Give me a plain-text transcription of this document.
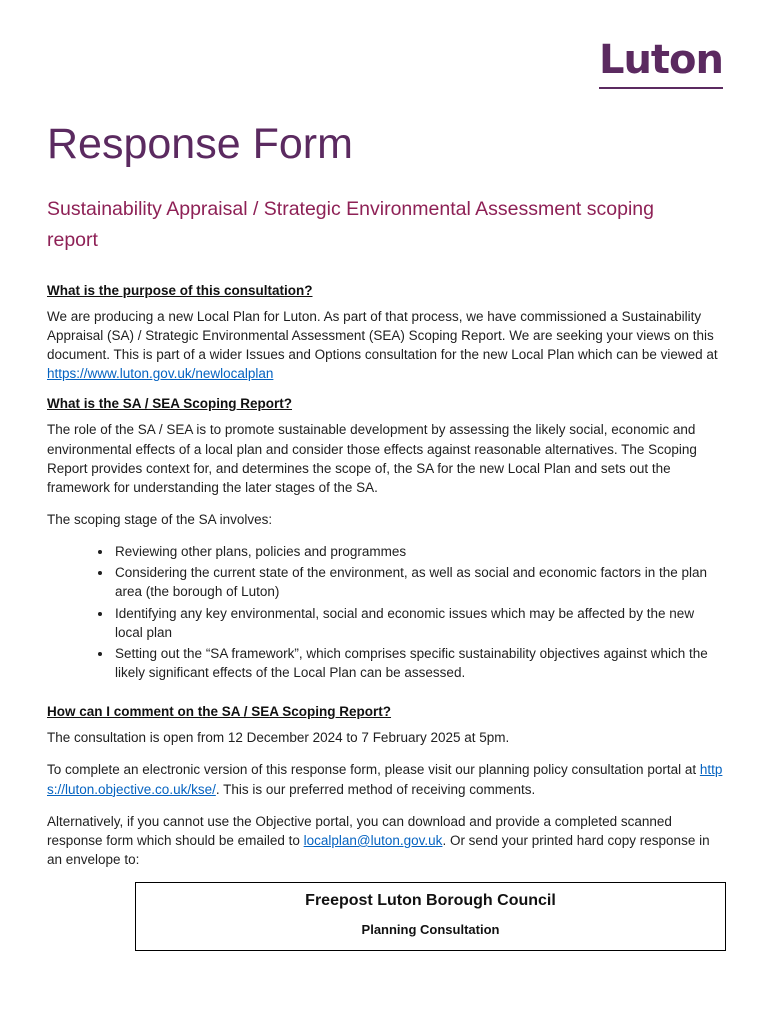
Luton
Response Form
Sustainability Appraisal / Strategic Environmental Assessment scoping report
What is the purpose of this consultation?

We are producing a new Local Plan for Luton. As part of that process, we have commissioned a Sustainability Appraisal (SA) / Strategic Environmental Assessment (SEA) Scoping Report. We are seeking your views on this document. This is part of a wider Issues and Options consultation for the new Local Plan which can be viewed at https://www.luton.gov.uk/newlocalplan

What is the SA / SEA Scoping Report?

The role of the SA / SEA is to promote sustainable development by assessing the likely social, economic and environmental effects of a local plan and consider those effects against reasonable alternatives. The Scoping Report provides context for, and determines the scope of, the SA for the new Local Plan and sets out the framework for understanding the later stages of the SA.

The scoping stage of the SA involves:

• Reviewing other plans, policies and programmes
• Considering the current state of the environment, as well as social and economic factors in the plan area (the borough of Luton)
• Identifying any key environmental, social and economic issues which may be affected by the new local plan
• Setting out the “SA framework”, which comprises specific sustainability objectives against which the likely significant effects of the Local Plan can be assessed.
How can I comment on the SA / SEA Scoping Report?

The consultation is open from 12 December 2024 to 7 February 2025 at 5pm.

To complete an electronic version of this response form, please visit our planning policy consultation portal at https://luton.objective.co.uk/kse/. This is our preferred method of receiving comments.

Alternatively, if you cannot use the Objective portal, you can download and provide a completed scanned response form which should be emailed to localplan@luton.gov.uk. Or send your printed hard copy response in an envelope to:

Freepost Luton Borough Council
Planning Consultation
